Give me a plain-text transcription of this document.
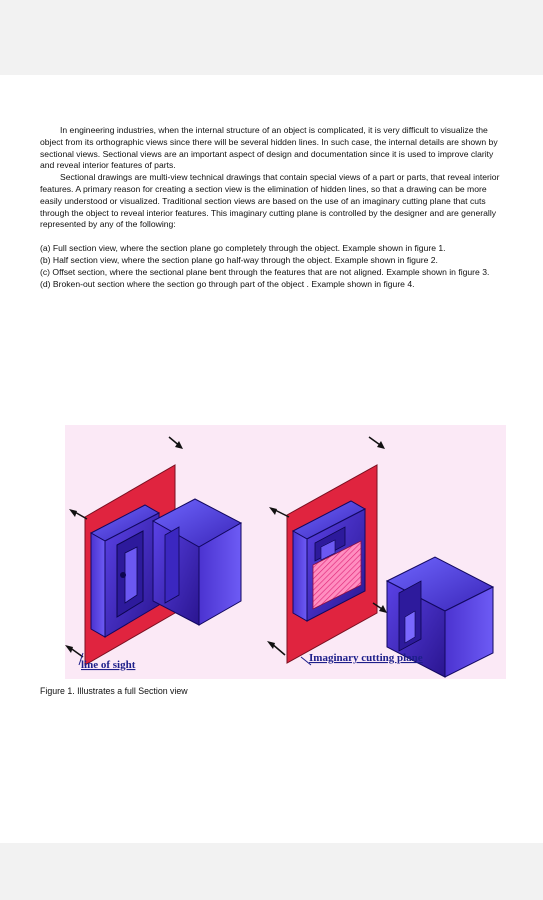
In engineering industries, when the internal structure of an object is complicated, it is very difficult to visualize the object from its orthographic views since there will be several hidden lines. In such case, the internal details are shown by sectional views. Sectional views are an important aspect of design and documentation since it is used to improve clarity and reveal interior features of parts.

Sectional drawings are multi-view technical drawings that contain special views of a part or parts, that reveal interior features. A primary reason for creating a section view is the elimination of hidden lines, so that a drawing can be more easily understood or visualized. Traditional section views are based on the use of an imaginary cutting plane that cuts through the object to reveal interior features. This imaginary cutting plane is controlled by the designer and are generally represented by any of the following:

(a) Full section view, where the section plane go completely through the object. Example shown in figure 1.

(b) Half section view, where the section plane go half-way through the object. Example shown in figure 2.

(c) Offset section, where the sectional plane bent through the features that are not aligned. Example shown in figure 3.

(d) Broken-out section where the section go through part of the object . Example shown in figure 4.

line of sight
Imaginary cutting plane

Figure 1. Illustrates a full Section view
